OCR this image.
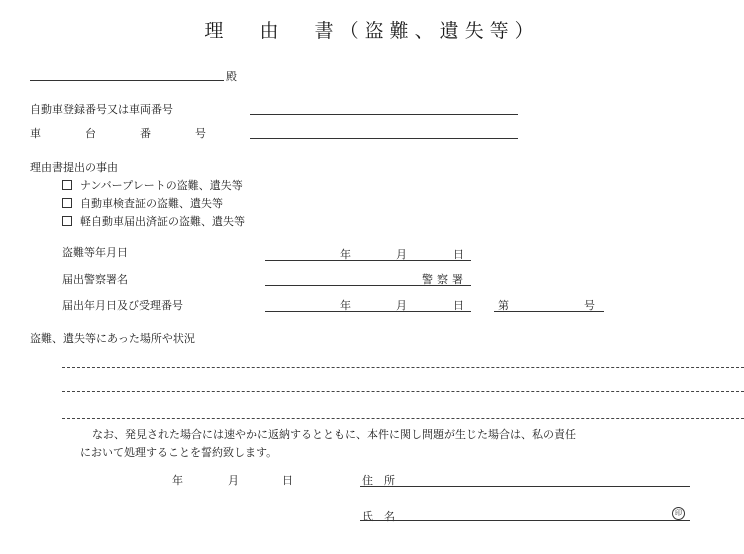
理 由 書（盗難、遺失等）
殿
自動車登録番号又は車両番号
車	台	番	号
理由書提出の事由
ナンバープレートの盗難、遺失等
自動車検査証の盗難、遺失等
軽自動車届出済証の盗難、遺失等
盗難等年月日	年	月	日
届出警察署名	警察署
届出年月日及び受理番号	年	月	日	第	号
盗難、遺失等にあった場所や状況
なお、発見された場合には速やかに返納するとともに、本件に関し問題が生じた場合は、私の責任
において処理することを誓約致します。
年	月	日	住　所
氏　名	印
